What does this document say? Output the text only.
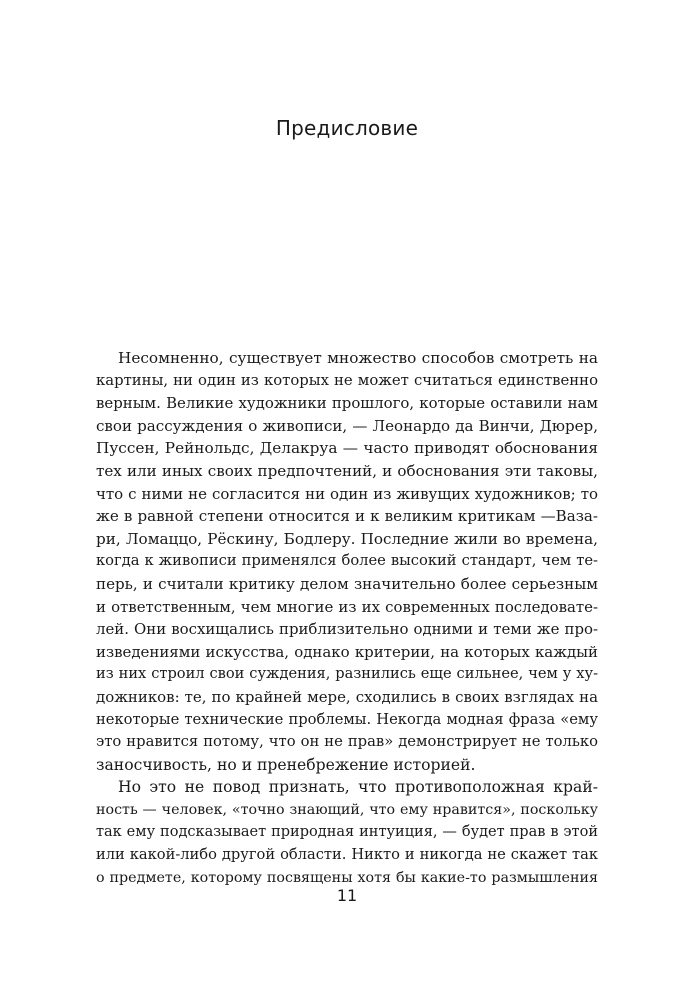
Предисловие
Несомненно, существует множество способов смотреть на
картины, ни один из которых не может считаться единственно
верным. Великие художники прошлого, которые оставили нам
свои рассуждения о живописи, — Леонардо да Винчи, Дюрер,
Пуссен, Рейнольдс, Делакруа — часто приводят обоснования
тех или иных своих предпочтений, и обоснования эти таковы,
что с ними не согласится ни один из живущих художников; то
же в равной степени относится и к великим критикам —Ваза-
ри, Ломаццо, Рёскину, Бодлеру. Последние жили во времена,
когда к живописи применялся более высокий стандарт, чем те-
перь, и считали критику делом значительно более серьезным
и ответственным, чем многие из их современных последовате-
лей. Они восхищались приблизительно одними и теми же про-
изведениями искусства, однако критерии, на которых каждый
из них строил свои суждения, разнились еще сильнее, чем у ху-
дожников: те, по крайней мере, сходились в своих взглядах на
некоторые технические проблемы. Некогда модная фраза «ему
это нравится потому, что он не прав» демонстрирует не только
заносчивость, но и пренебрежение историей.
Но это не повод признать, что противоположная край-
ность — человек, «точно знающий, что ему нравится», поскольку
так ему подсказывает природная интуиция, — будет прав в этой
или какой-либо другой области. Никто и никогда не скажет так
о предмете, которому посвящены хотя бы какие-то размышления
11
